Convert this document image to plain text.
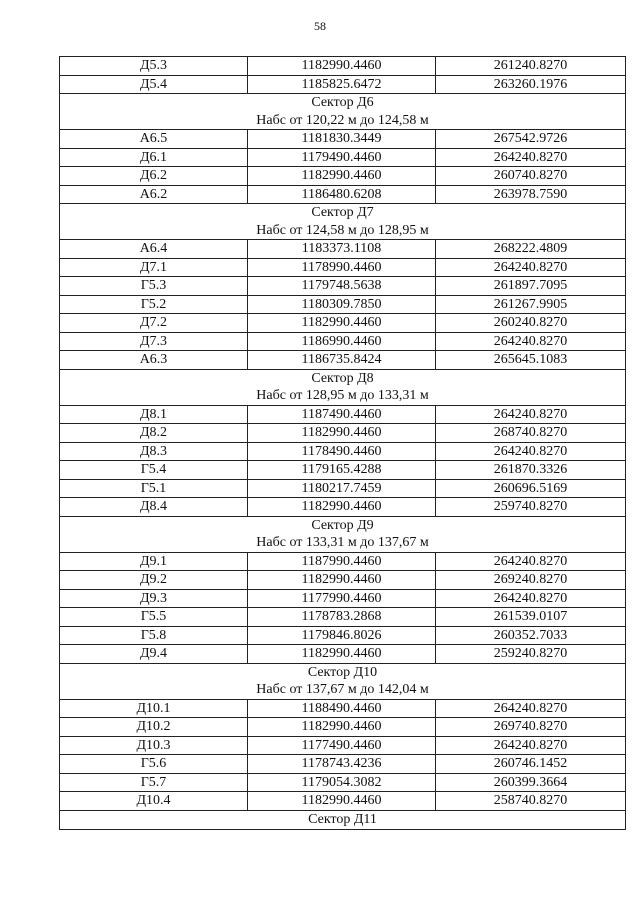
58
Д5.3	1182990.4460	261240.8270
Д5.4	1185825.6472	263260.1976

Сектор Д6
Набс от 120,22 м до 124,58 м		

А6.5	1181830.3449	267542.9726
Д6.1	1179490.4460	264240.8270
Д6.2	1182990.4460	260740.8270
А6.2	1186480.6208	263978.7590

Сектор Д7
Набс от 124,58 м до 128,95 м		

А6.4	1183373.1108	268222.4809
Д7.1	1178990.4460	264240.8270
Г5.3	1179748.5638	261897.7095
Г5.2	1180309.7850	261267.9905
Д7.2	1182990.4460	260240.8270
Д7.3	1186990.4460	264240.8270
А6.3	1186735.8424	265645.1083

Сектор Д8
Набс от 128,95 м до 133,31 м		

Д8.1	1187490.4460	264240.8270
Д8.2	1182990.4460	268740.8270
Д8.3	1178490.4460	264240.8270
Г5.4	1179165.4288	261870.3326
Г5.1	1180217.7459	260696.5169
Д8.4	1182990.4460	259740.8270

Сектор Д9
Набс от 133,31 м до 137,67 м		

Д9.1	1187990.4460	264240.8270
Д9.2	1182990.4460	269240.8270
Д9.3	1177990.4460	264240.8270
Г5.5	1178783.2868	261539.0107
Г5.8	1179846.8026	260352.7033
Д9.4	1182990.4460	259240.8270

Сектор Д10
Набс от 137,67 м до 142,04 м		

Д10.1	1188490.4460	264240.8270
Д10.2	1182990.4460	269740.8270
Д10.3	1177490.4460	264240.8270
Г5.6	1178743.4236	260746.1452
Г5.7	1179054.3082	260399.3664
Д10.4	1182990.4460	258740.8270

Сектор Д11		
